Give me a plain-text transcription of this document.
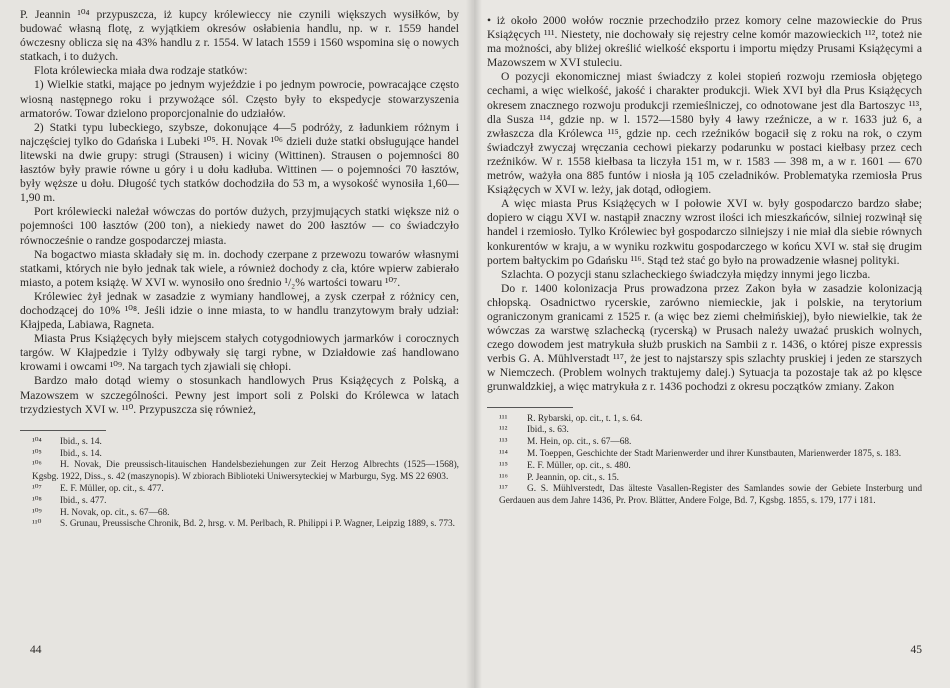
P. Jeannin ¹⁰⁴ przypuszcza, iż kupcy królewieccy nie czynili większych wysiłków, by budować własną flotę, z wyjątkiem okresów osłabienia handlu, np. w r. 1559 handel ówczesny oblicza się na 43% handlu z r. 1554. W latach 1559 i 1560 wspomina się o nowych statkach, i to dużych.

Flota królewiecka miała dwa rodzaje statków:

1) Wielkie statki, mające po jednym wyjeździe i po jednym powrocie, powracające często wiosną następnego roku i przywożące sól. Często były to ekspedycje stowarzyszenia armatorów. Towar dzielono proporcjonalnie do udziałów.

2) Statki typu lubeckiego, szybsze, dokonujące 4—5 podróży, z ładunkiem różnym i najczęściej tylko do Gdańska i Lubeki ¹⁰⁵. H. Novak ¹⁰⁶ dzieli duże statki obsługujące handel litewski na dwie grupy: strugi (Strausen) i wiciny (Wittinen). Strausen o pojemności 80 łasztów były prawie równe u góry i u dołu kadłuba. Wittinen — o pojemności 70 łasztów, były węższe u dołu. Długość tych statków dochodziła do 53 m, a wysokość wynosiła 1,60—1,90 m.

Port królewiecki należał wówczas do portów dużych, przyjmujących statki większe niż o pojemności 100 łasztów (200 ton), a niekiedy nawet do 200 łasztów — co świadczyło równocześnie o randze gospodarczej miasta.

Na bogactwo miasta składały się m. in. dochody czerpane z przewozu towarów własnymi statkami, których nie było jednak tak wiele, a również dochody z cła, które wpierw zabierało miasto, a potem książę. W XVI w. wynosiło ono średnio ¹/₂% wartości towaru ¹⁰⁷.

Królewiec żył jednak w zasadzie z wymiany handlowej, a zysk czerpał z różnicy cen, dochodzącej do 10% ¹⁰⁸. Jeśli idzie o inne miasta, to w handlu tranzytowym brały udział: Kłajpeda, Labiawa, Ragneta.

Miasta Prus Książęcych były miejscem stałych cotygodniowych jarmarków i corocznych targów. W Kłajpedzie i Tylży odbywały się targi rybne, w Działdowie zaś handlowano krowami i owcami ¹⁰⁹. Na targach tych zjawiali się chłopi.

Bardzo mało dotąd wiemy o stosunkach handlowych Prus Książęcych z Polską, a Mazowszem w szczególności. Pewny jest import soli z Polski do Królewca w latach trzydziestych XVI w. ¹¹⁰. Przypuszcza się również,

¹⁰⁴ Ibid., s. 14.

¹⁰⁵ Ibid., s. 14.

¹⁰⁶ H. Novak, Die preussisch-litauischen Handelsbeziehungen zur Zeit Herzog Albrechts (1525—1568), Kgsbg. 1922, Diss., s. 42 (maszynopis). W zbiorach Biblioteki Uniwersyteckiej w Marburgu, Syg. MS 22 6903.

¹⁰⁷ E. F. Müller, op. cit., s. 477.

¹⁰⁸ Ibid., s. 477.

¹⁰⁹ H. Novak, op. cit., s. 67—68.

¹¹⁰ S. Grunau, Preussische Chronik, Bd. 2, hrsg. v. M. Perlbach, R. Philippi i P. Wagner, Leipzig 1889, s. 773.

44

• iż około 2000 wołów rocznie przechodziło przez komory celne mazowieckie do Prus Książęcych ¹¹¹. Niestety, nie dochowały się rejestry celne komór mazowieckich ¹¹², toteż nie ma możności, aby bliżej określić wielkość eksportu i importu między Prusami Książęcymi a Mazowszem w XVI stuleciu.

O pozycji ekonomicznej miast świadczy z kolei stopień rozwoju rzemiosła objętego cechami, a więc wielkość, jakość i charakter produkcji. Wiek XVI był dla Prus Książęcych okresem znacznego rozwoju produkcji rzemieślniczej, co odnotowane jest dla Bartoszyc ¹¹³, dla Susza ¹¹⁴, gdzie np. w l. 1572—1580 były 4 ławy rzeźnicze, a w r. 1633 już 6, a zwłaszcza dla Królewca ¹¹⁵, gdzie np. cech rzeźników bogacił się z roku na rok, o czym świadczył zwyczaj wręczania cechowi piekarzy podarunku w postaci kiełbasy przez cech rzeźników. W r. 1558 kiełbasa ta liczyła 151 m, w r. 1583 — 398 m, a w r. 1601 — 670 metrów, ważyła ona 885 funtów i niosła ją 105 czeladników. Problematyka rzemiosła Prus Książęcych w XVI w. leży, jak dotąd, odłogiem.

A więc miasta Prus Książęcych w I połowie XVI w. były gospodarczo bardzo słabe; dopiero w ciągu XVI w. nastąpił znaczny wzrost ilości ich mieszkańców, silniej rozwinął się handel i rzemiosło. Tylko Królewiec był gospodarczo silniejszy i nie miał dla siebie równych konkurentów w kraju, a w wyniku rozkwitu gospodarczego w końcu XVI w. stał się drugim portem bałtyckim po Gdańsku ¹¹⁶. Stąd też stać go było na prowadzenie własnej polityki.

Szlachta. O pozycji stanu szlacheckiego świadczyła między innymi jego liczba.

Do r. 1400 kolonizacja Prus prowadzona przez Zakon była w zasadzie kolonizacją chłopską. Osadnictwo rycerskie, zarówno niemieckie, jak i polskie, na terytorium ograniczonym granicami z 1525 r. (a więc bez ziemi chełmińskiej), było niewielkie, tak że wówczas za warstwę szlachecką (rycerską) w Prusach należy uważać pruskich wolnych, czego dowodem jest matrykuła służb pruskich na Sambii z r. 1436, o której pisze expressis verbis G. A. Mühlverstadt ¹¹⁷, że jest to najstarszy spis szlachty pruskiej i jeden ze starszych w Niemczech. (Problem wolnych traktujemy dalej.) Sytuacja ta pozostaje tak aż po klęsce grunwaldzkiej, a więc matrykuła z r. 1436 pochodzi z okresu początków zmiany. Zakon

¹¹¹ R. Rybarski, op. cit., t. 1, s. 64.

¹¹² Ibid., s. 63.

¹¹³ M. Hein, op. cit., s. 67—68.

¹¹⁴ M. Toeppen, Geschichte der Stadt Marienwerder und ihrer Kunstbauten, Marienwerder 1875, s. 183.

¹¹⁵ E. F. Müller, op. cit., s. 480.

¹¹⁶ P. Jeannin, op. cit., s. 15.

¹¹⁷ G. S. Mühlverstedt, Das älteste Vasallen-Register des Samlandes sowie der Gebiete Insterburg und Gerdauen aus dem Jahre 1436, Pr. Prov. Blätter, Andere Folge, Bd. 7, Kgsbg. 1855, s. 179, 177 i 181.

45
